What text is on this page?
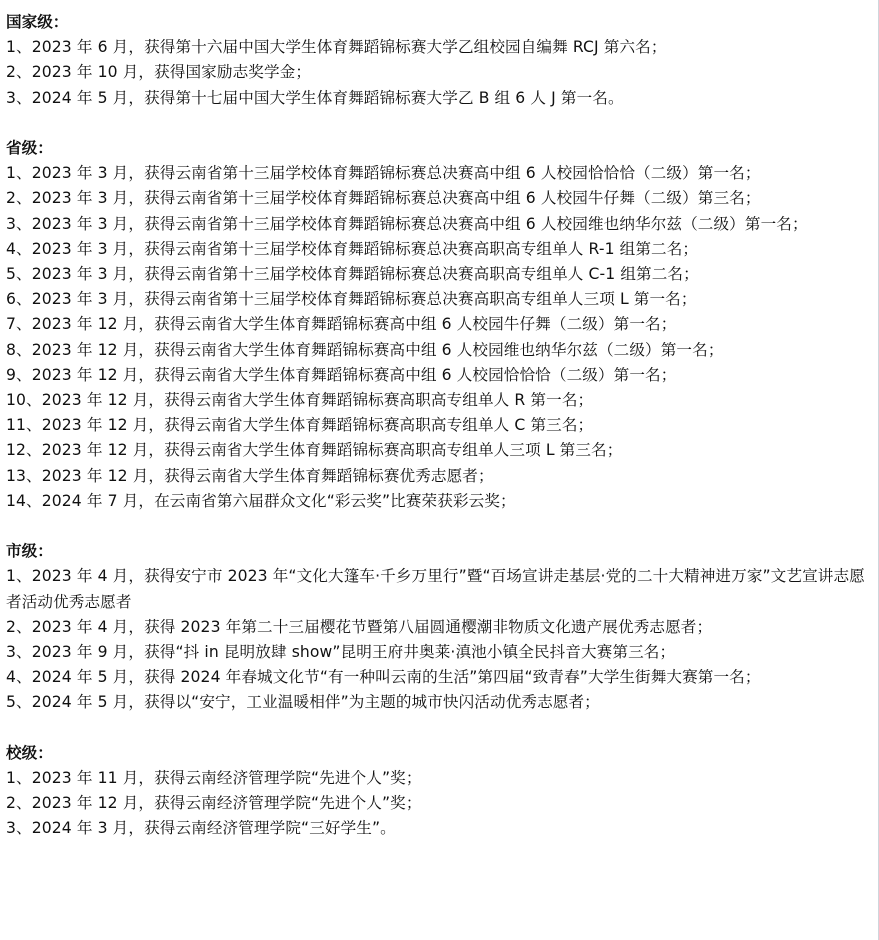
国家级：

1、2023 年 6 月，获得第十六届中国大学生体育舞蹈锦标赛大学乙组校园自编舞 RCJ 第六名；

2、2023 年 10 月，获得国家励志奖学金；

3、2024 年 5 月，获得第十七届中国大学生体育舞蹈锦标赛大学乙 B 组 6 人 J 第一名。

省级：

1、2023 年 3 月，获得云南省第十三届学校体育舞蹈锦标赛总决赛高中组 6 人校园恰恰恰（二级）第一名；

2、2023 年 3 月，获得云南省第十三届学校体育舞蹈锦标赛总决赛高中组 6 人校园牛仔舞（二级）第三名；

3、2023 年 3 月，获得云南省第十三届学校体育舞蹈锦标赛总决赛高中组 6 人校园维也纳华尔兹（二级）第一名；

4、2023 年 3 月，获得云南省第十三届学校体育舞蹈锦标赛总决赛高职高专组单人 R-1 组第二名；

5、2023 年 3 月，获得云南省第十三届学校体育舞蹈锦标赛总决赛高职高专组单人 C-1 组第二名；

6、2023 年 3 月，获得云南省第十三届学校体育舞蹈锦标赛总决赛高职高专组单人三项 L 第一名；

7、2023 年 12 月，获得云南省大学生体育舞蹈锦标赛高中组 6 人校园牛仔舞（二级）第一名；

8、2023 年 12 月，获得云南省大学生体育舞蹈锦标赛高中组 6 人校园维也纳华尔兹（二级）第一名；

9、2023 年 12 月，获得云南省大学生体育舞蹈锦标赛高中组 6 人校园恰恰恰（二级）第一名；

10、2023 年 12 月，获得云南省大学生体育舞蹈锦标赛高职高专组单人 R 第一名；

11、2023 年 12 月，获得云南省大学生体育舞蹈锦标赛高职高专组单人 C 第三名；

12、2023 年 12 月，获得云南省大学生体育舞蹈锦标赛高职高专组单人三项 L 第三名；

13、2023 年 12 月，获得云南省大学生体育舞蹈锦标赛优秀志愿者；

14、2024 年 7 月，在云南省第六届群众文化“彩云奖”比赛荣获彩云奖；

市级：

1、2023 年 4 月，获得安宁市 2023 年“文化大篷车·千乡万里行”暨“百场宣讲走基层·党的二十大精神进万家”文艺宣讲志愿者活动优秀志愿者

2、2023 年 4 月，获得 2023 年第二十三届樱花节暨第八届圆通樱潮非物质文化遗产展优秀志愿者；

3、2023 年 9 月，获得“抖 in 昆明放肆 show”昆明王府井奥莱·滇池小镇全民抖音大赛第三名；

4、2024 年 5 月，获得 2024 年春城文化节“有一种叫云南的生活”第四届“致青春”大学生街舞大赛第一名；

5、2024 年 5 月，获得以“安宁，工业温暖相伴”为主题的城市快闪活动优秀志愿者；

校级：

1、2023 年 11 月，获得云南经济管理学院“先进个人”奖；

2、2023 年 12 月，获得云南经济管理学院“先进个人”奖；

3、2024 年 3 月，获得云南经济管理学院“三好学生”。
